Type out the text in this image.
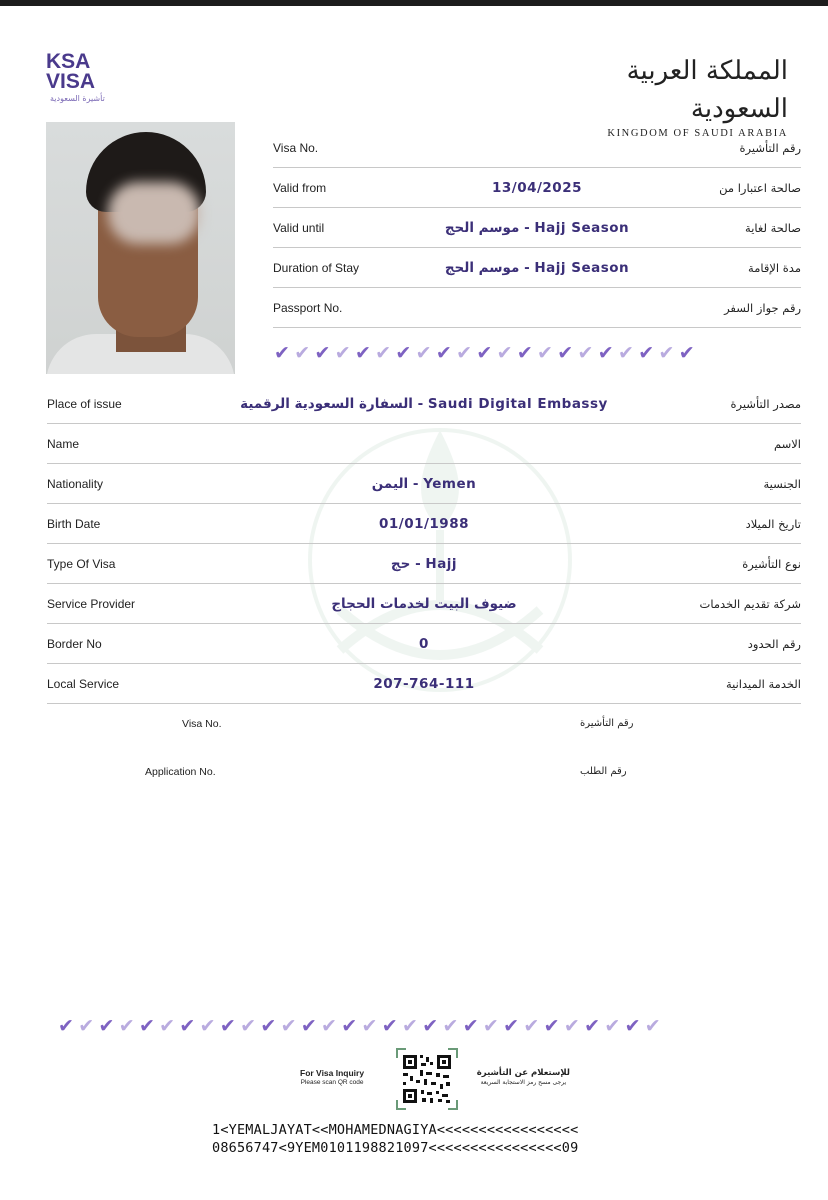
KSA
VISA
تأشيرة السعودية
المملكة العربية السعودية
KINGDOM OF SAUDI ARABIA
Visa No.	رقم التأشيرة
Valid from	13/04/2025	صالحة اعتبارا من
Valid until	موسم الحج - Hajj Season	صالحة لغاية
Duration of Stay	موسم الحج - Hajj Season	مدة الإقامة
Passport No.	رقم جواز السفر
✔✔✔✔✔✔✔✔✔✔✔✔✔✔✔✔✔✔✔✔✔
Place of issue	السفارة السعودية الرقمية - Saudi Digital Embassy	مصدر التأشيرة
Name	الاسم
Nationality	اليمن - Yemen	الجنسية
Birth Date	01/01/1988	تاريخ الميلاد
Type Of Visa	حج - Hajj	نوع التأشيرة
Service Provider	ضيوف البيت لخدمات الحجاج	شركة تقديم الخدمات
Border No	0	رقم الحدود
Local Service	207-764-111	الخدمة الميدانية
Visa No.	رقم التأشيرة
Application No.	رقم الطلب
✔✔✔✔✔✔✔✔✔✔✔✔✔✔✔✔✔✔✔✔✔✔✔✔✔✔✔✔✔✔
For Visa Inquiry
Please scan QR code
للإستعلام عن التأشيرة
يرجى مسح رمز الاستجابة السريعة
1<YEMALJAYAT<<MOHAMEDNAGIYA<<<<<<<<<<<<<<<<<
08656747<9YEM0101198821097<<<<<<<<<<<<<<<<09
